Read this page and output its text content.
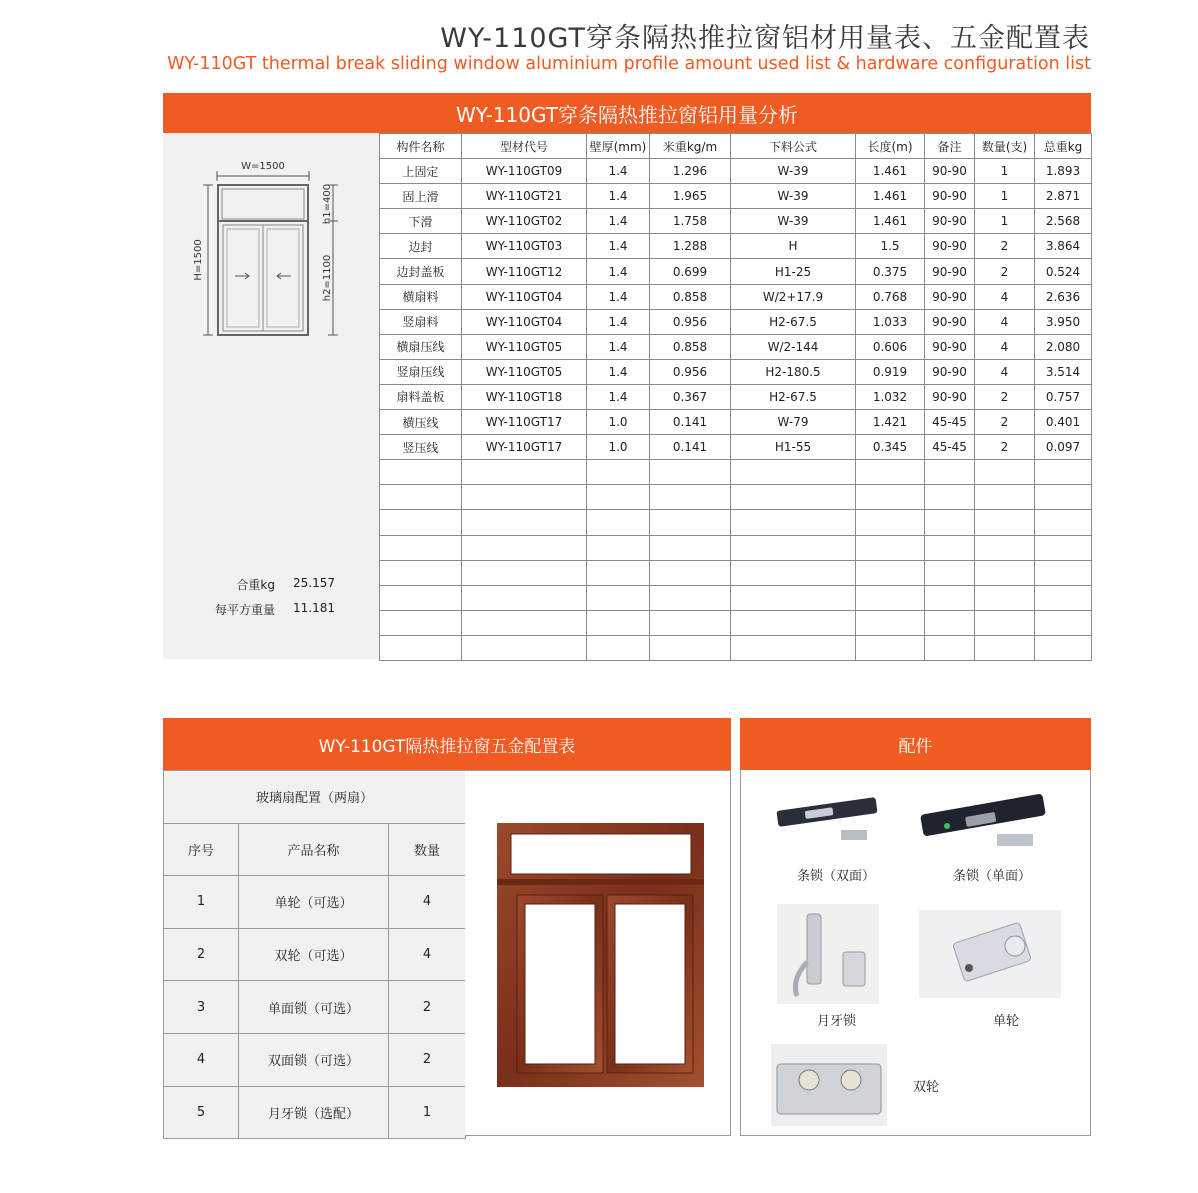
WY-110GT穿条隔热推拉窗铝材用量表、五金配置表
WY-110GT thermal break sliding window aluminium profile amount used list & hardware configuration list
WY-110GT穿条隔热推拉窗铝用量分析
W=1500
H=1500
h1=400
h2=1100
合重kg	25.157
每平方重量	11.181
构件名称	型材代号	壁厚(mm)	米重kg/m	下料公式	长度(m)	备注	数量(支)	总重kg
上固定	WY-110GT09	1.4	1.296	W-39	1.461	90-90	1	1.893
固上滑	WY-110GT21	1.4	1.965	W-39	1.461	90-90	1	2.871
下滑	WY-110GT02	1.4	1.758	W-39	1.461	90-90	1	2.568
边封	WY-110GT03	1.4	1.288	H	1.5	90-90	2	3.864
边封盖板	WY-110GT12	1.4	0.699	H1-25	0.375	90-90	2	0.524
横扇料	WY-110GT04	1.4	0.858	W/2+17.9	0.768	90-90	4	2.636
竖扇料	WY-110GT04	1.4	0.956	H2-67.5	1.033	90-90	4	3.950
横扇压线	WY-110GT05	1.4	0.858	W/2-144	0.606	90-90	4	2.080
竖扇压线	WY-110GT05	1.4	0.956	H2-180.5	0.919	90-90	4	3.514
扇料盖板	WY-110GT18	1.4	0.367	H2-67.5	1.032	90-90	2	0.757
横压线	WY-110GT17	1.0	0.141	W-79	1.421	45-45	2	0.401
竖压线	WY-110GT17	1.0	0.141	H1-55	0.345	45-45	2	0.097

WY-110GT隔热推拉窗五金配置表
玻璃扇配置（两扇）		
序号	产品名称	数量
1	单轮（可选）	4
2	双轮（可选）	4
3	单面锁（可选）	2
4	双面锁（可选）	2
5	月牙锁（选配）	1
配件
条锁（双面）	条锁（单面）
月牙锁	单轮
双轮
